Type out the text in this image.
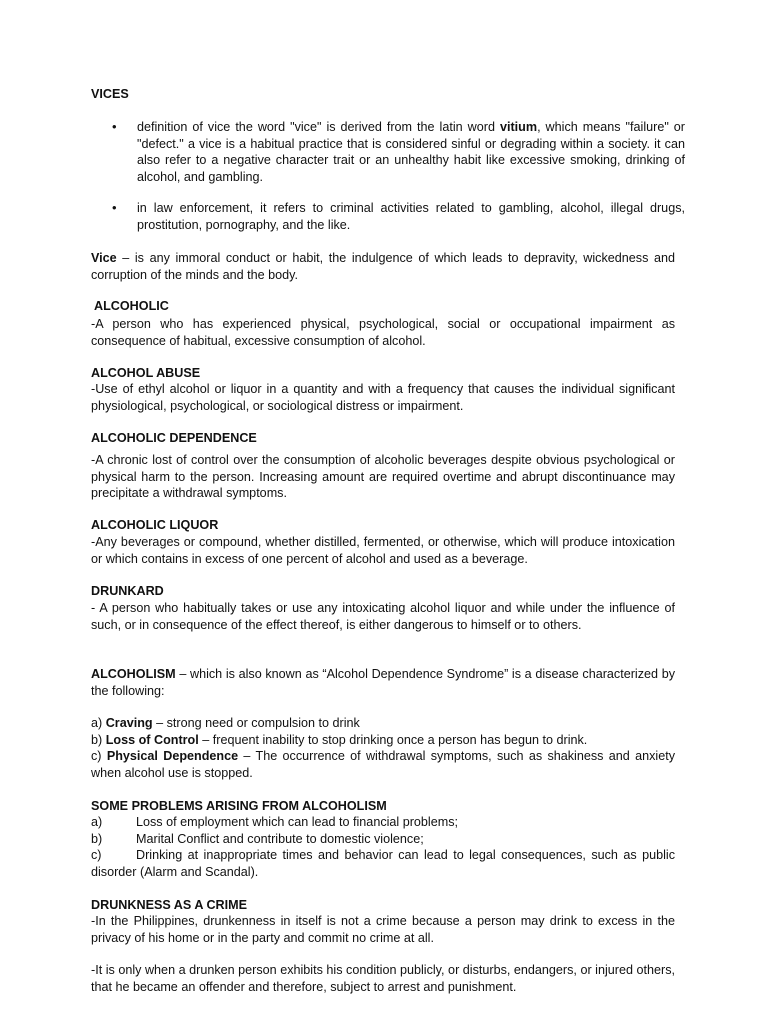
VICES
•	definition of vice the word "vice" is derived from the latin word vitium, which means "failure" or "defect." a vice is a habitual practice that is considered sinful or degrading within a society. it can also refer to a negative character trait or an unhealthy habit like excessive smoking, drinking of alcohol, and gambling.
•	in law enforcement, it refers to criminal activities related to gambling, alcohol, illegal drugs, prostitution, pornography, and the like.
Vice – is any immoral conduct or habit, the indulgence of which leads to depravity, wickedness and corruption of the minds and the body.
ALCOHOLIC
-A person who has experienced physical, psychological, social or occupational impairment as consequence of habitual, excessive consumption of alcohol.
ALCOHOL ABUSE
-Use of ethyl alcohol or liquor in a quantity and with a frequency that causes the individual significant physiological, psychological, or sociological distress or impairment.
ALCOHOLIC DEPENDENCE
-A chronic lost of control over the consumption of alcoholic beverages despite obvious psychological or physical harm to the person. Increasing amount are required overtime and abrupt discontinuance may precipitate a withdrawal symptoms.
ALCOHOLIC LIQUOR
-Any beverages or compound, whether distilled, fermented, or otherwise, which will produce intoxication or which contains in excess of one percent of alcohol and used as a beverage.
DRUNKARD
- A person who habitually takes or use any intoxicating alcohol liquor and while under the influence of such, or in consequence of the effect thereof, is either dangerous to himself or to others.
ALCOHOLISM – which is also known as “Alcohol Dependence Syndrome” is a disease characterized by the following:
a) Craving – strong need or compulsion to drink
b) Loss of Control – frequent inability to stop drinking once a person has begun to drink.
c) Physical Dependence – The occurrence of withdrawal symptoms, such as shakiness and anxiety when alcohol use is stopped.
SOME PROBLEMS ARISING FROM ALCOHOLISM
a)	Loss of employment which can lead to financial problems;
b)	Marital Conflict and contribute to domestic violence;
c)	Drinking at inappropriate times and behavior can lead to legal consequences, such as public disorder (Alarm and Scandal).
DRUNKNESS AS A CRIME
-In the Philippines, drunkenness in itself is not a crime because a person may drink to excess in the privacy of his home or in the party and commit no crime at all.
-It is only when a drunken person exhibits his condition publicly, or disturbs, endangers, or injured others, that he became an offender and therefore, subject to arrest and punishment.
